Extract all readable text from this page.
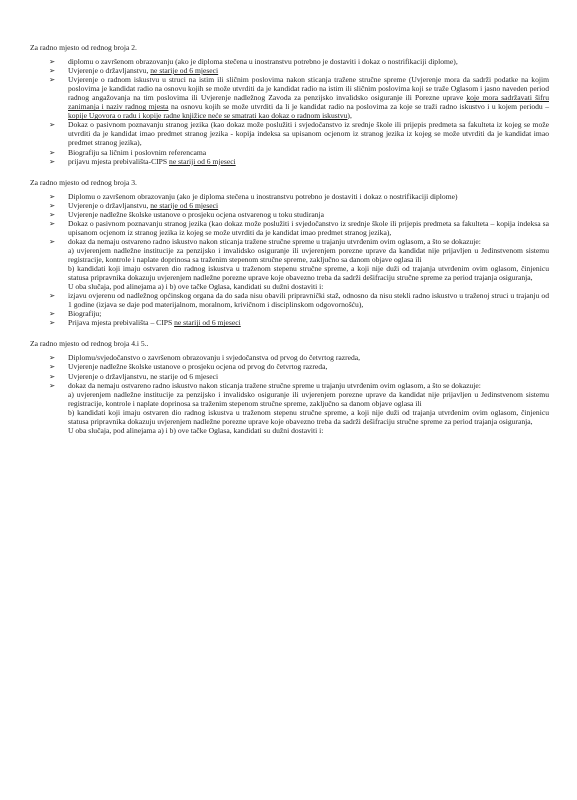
Za radno mjesto od rednog broja 2.

➢ diplomu o završenom obrazovanju (ako je diploma stečena u inostranstvu potrebno je dostaviti i dokaz o nostrifikaciji diplome),
➢ Uvjerenje o državljanstvu, ne starije od 6 mjeseci
➢ Uvjerenje o radnom iskustvu u struci na istim ili sličnim poslovima nakon sticanja tražene stručne spreme (Uvjerenje mora da sadrži podatke na kojim poslovima je kandidat radio na osnovu kojih se može utvrditi da je kandidat radio na istim ili sličnim poslovima koji se traže Oglasom i jasno naveden period radnog angažovanja na tim poslovima ili Uvjerenje nadležnog Zavoda za penzijsko invalidsko osiguranje ili Porezne uprave koje mora sadržavati šifru zanimanja i naziv radnog mjesta na osnovu kojih se može utvrditi da li je kandidat radio na poslovima za koje se traži radno iskustvo i u kojem periodu – kopije Ugovora o radu i kopije radne knjižice neće se smatrati kao dokaz o radnom iskustvu),
➢ Dokaz o pasivnom poznavanju stranog jezika (kao dokaz može poslužiti i svjedočanstvo iz srednje škole ili prijepis predmeta sa fakulteta iz kojeg se može utvrditi da je kandidat imao predmet stranog jezika - kopija indeksa sa upisanom ocjenom iz stranog jezika iz kojeg se može utvrditi da je kandidat imao predmet stranog jezika),
➢ Biografiju sa ličnim i poslovnim referencama
➢ prijavu mjesta prebivališta-CIPS ne stariji od 6 mjeseci

Za radno mjesto od rednog broja 3.

➢ Diplomu o završenom obrazovanju (ako je diploma stečena u inostranstvu potrebno je dostaviti i dokaz o nostrifikaciji diplome)
➢ Uvjerenje o državljanstvu, ne starije od 6 mjeseci
➢ Uvjerenje nadležne školske ustanove o prosjeku ocjena ostvarenog u toku studiranja
➢ Dokaz o pasivnom poznavanju stranog jezika (kao dokaz može poslužiti i svjedočanstvo iz srednje škole ili prijepis predmeta sa fakulteta – kopija indeksa sa upisanom ocjenom iz stranog jezika iz kojeg se može utvrditi da je kandidat imao predmet stranog jezika),
➢ dokaz da nemaju ostvareno radno iskustvo nakon sticanja tražene stručne spreme u trajanju utvrđenim ovim oglasom, a što se dokazuje:

a) uvjerenjem nadležne institucije za penzijsko i invalidsko osiguranje ili uvjerenjem porezne uprave da kandidat nije prijavljen u Jedinstvenom sistemu registracije, kontrole i naplate doprinosa sa traženim stepenom stručne spreme, zaključno sa danom objave oglasa ili

b) kandidati koji imaju ostvaren dio radnog iskustva u traženom stepenu stručne spreme, a koji nije duži od trajanja utvrđenim ovim oglasom, činjenicu statusa pripravnika dokazuju uvjerenjem nadležne porezne uprave koje obavezno treba da sadrži dešifraciju stručne spreme za period trajanja osiguranja,

U oba slučaja, pod alinejama a) i b) ove tačke Oglasa, kandidati su dužni dostaviti i:

➢ izjavu ovjerenu od nadležnog općinskog organa da do sada nisu obavili pripravnički staž, odnosno da nisu stekli radno iskustvo u traženoj struci u trajanju od 1 godine (izjava se daje pod materijalnom, moralnom, krivičnom i disciplinskom odgovornošću),
➢ Biografiju;
➢ Prijava mjesta prebivališta – CIPS ne stariji od 6 mjeseci

Za radno mjesto od rednog broja 4.i 5..

➢ Diplomu/svjedočanstvo o završenom obrazovanju i svjedočanstva od prvog do četvrtog razreda,
➢ Uvjerenje nadležne školske ustanove o prosjeku ocjena od prvog do četvrtog razreda,
➢ Uvjerenje o državljanstvu, ne starije od 6 mjeseci
➢ dokaz da nemaju ostvareno radno iskustvo nakon sticanja tražene stručne spreme u trajanju utvrđenim ovim oglasom, a što se dokazuje:

a) uvjerenjem nadležne institucije za penzijsko i invalidsko osiguranje ili uvjerenjem porezne uprave da kandidat nije prijavljen u Jedinstvenom sistemu registracije, kontrole i naplate doprinosa sa traženim stepenom stručne spreme, zaključno sa danom objave oglasa ili

b) kandidati koji imaju ostvaren dio radnog iskustva u traženom stepenu stručne spreme, a koji nije duži od trajanja utvrđenim ovim oglasom, činjenicu statusa pripravnika dokazuju uvjerenjem nadležne porezne uprave koje obavezno treba da sadrži dešifraciju stručne spreme za period trajanja osiguranja,

U oba slučaja, pod alinejama a) i b) ove tačke Oglasa, kandidati su dužni dostaviti i:
